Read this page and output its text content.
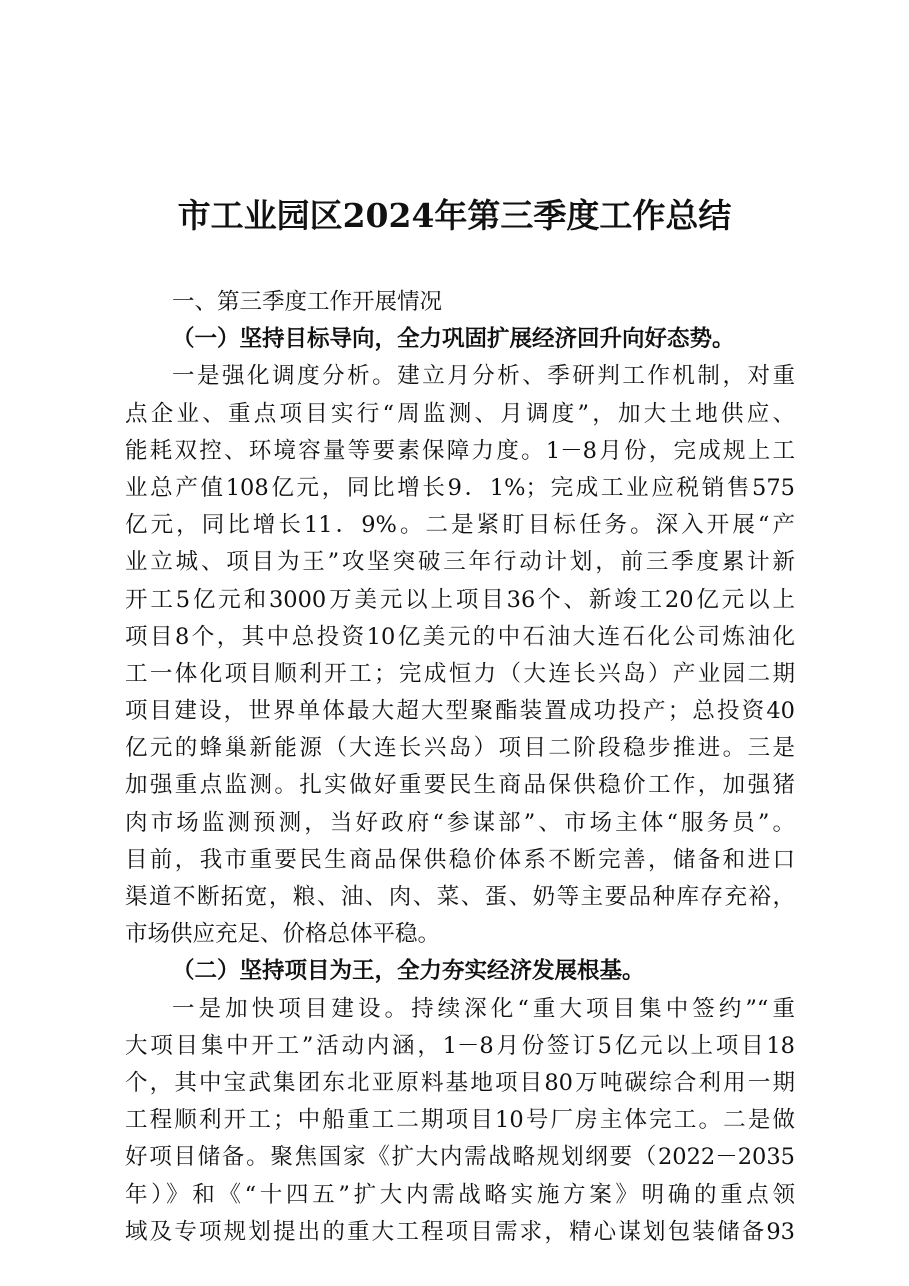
市工业园区2024年第三季度工作总结
一、第三季度工作开展情况
（一）坚持目标导向，全力巩固扩展经济回升向好态势。
一是强化调度分析。建立月分析、季研判工作机制，对重
点企业、重点项目实行“周监测、月调度”，加大土地供应、
能耗双控、环境容量等要素保障力度。1－8月份，完成规上工
业总产值108亿元，同比增长9．1%；完成工业应税销售575
亿元，同比增长11．9%。二是紧盯目标任务。深入开展“产
业立城、项目为王”攻坚突破三年行动计划，前三季度累计新
开工5亿元和3000万美元以上项目36个、新竣工20亿元以上
项目8个，其中总投资10亿美元的中石油大连石化公司炼油化
工一体化项目顺利开工；完成恒力（大连长兴岛）产业园二期
项目建设，世界单体最大超大型聚酯装置成功投产；总投资40
亿元的蜂巢新能源（大连长兴岛）项目二阶段稳步推进。三是
加强重点监测。扎实做好重要民生商品保供稳价工作，加强猪
肉市场监测预测，当好政府“参谋部”、市场主体“服务员”。
目前，我市重要民生商品保供稳价体系不断完善，储备和进口
渠道不断拓宽，粮、油、肉、菜、蛋、奶等主要品种库存充裕，
市场供应充足、价格总体平稳。
（二）坚持项目为王，全力夯实经济发展根基。
一是加快项目建设。持续深化“重大项目集中签约”“重
大项目集中开工”活动内涵，1－8月份签订5亿元以上项目18
个，其中宝武集团东北亚原料基地项目80万吨碳综合利用一期
工程顺利开工；中船重工二期项目10号厂房主体完工。二是做
好项目储备。聚焦国家《扩大内需战略规划纲要（2022－2035
年）》和《“十四五”扩大内需战略实施方案》明确的重点领
域及专项规划提出的重大工程项目需求，精心谋划包装储备93
